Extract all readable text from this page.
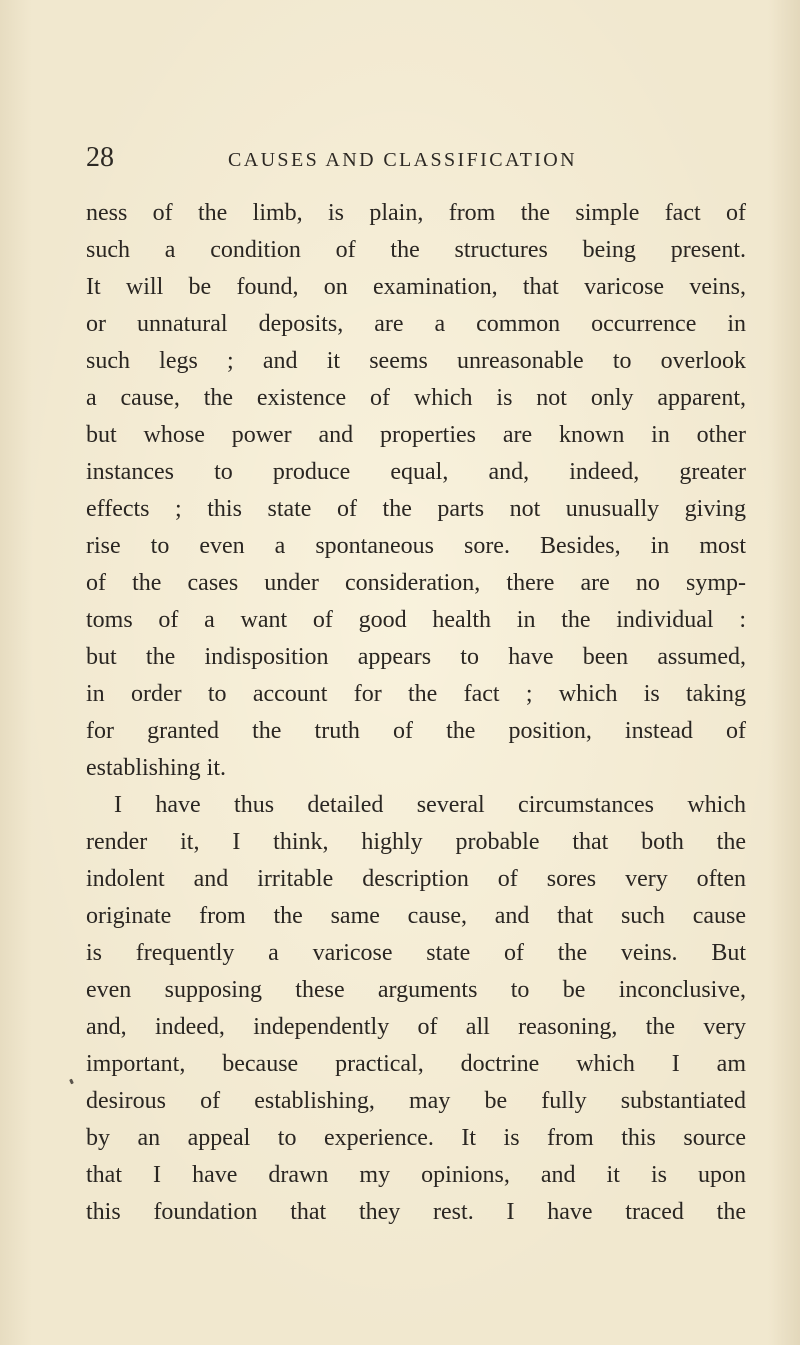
28	CAUSES AND CLASSIFICATION

ness of the limb, is plain, from the simple fact of
such a condition of the structures being present.
It will be found, on examination, that varicose veins,
or unnatural deposits, are a common occurrence in
such legs ; and it seems unreasonable to overlook
a cause, the existence of which is not only apparent,
but whose power and properties are known in other
instances to produce equal, and, indeed, greater
effects ; this state of the parts not unusually giving
rise to even a spontaneous sore. Besides, in most
of the cases under consideration, there are no symp-
toms of a want of good health in the individual :
but the indisposition appears to have been assumed,
in order to account for the fact ; which is taking
for granted the truth of the position, instead of
establishing it.
I have thus detailed several circumstances which
render it, I think, highly probable that both the
indolent and irritable description of sores very often
originate from the same cause, and that such cause
is frequently a varicose state of the veins. But
even supposing these arguments to be inconclusive,
and, indeed, independently of all reasoning, the very
important, because practical, doctrine which I am
desirous of establishing, may be fully substantiated
by an appeal to experience. It is from this source
that I have drawn my opinions, and it is upon
this foundation that they rest. I have traced the
